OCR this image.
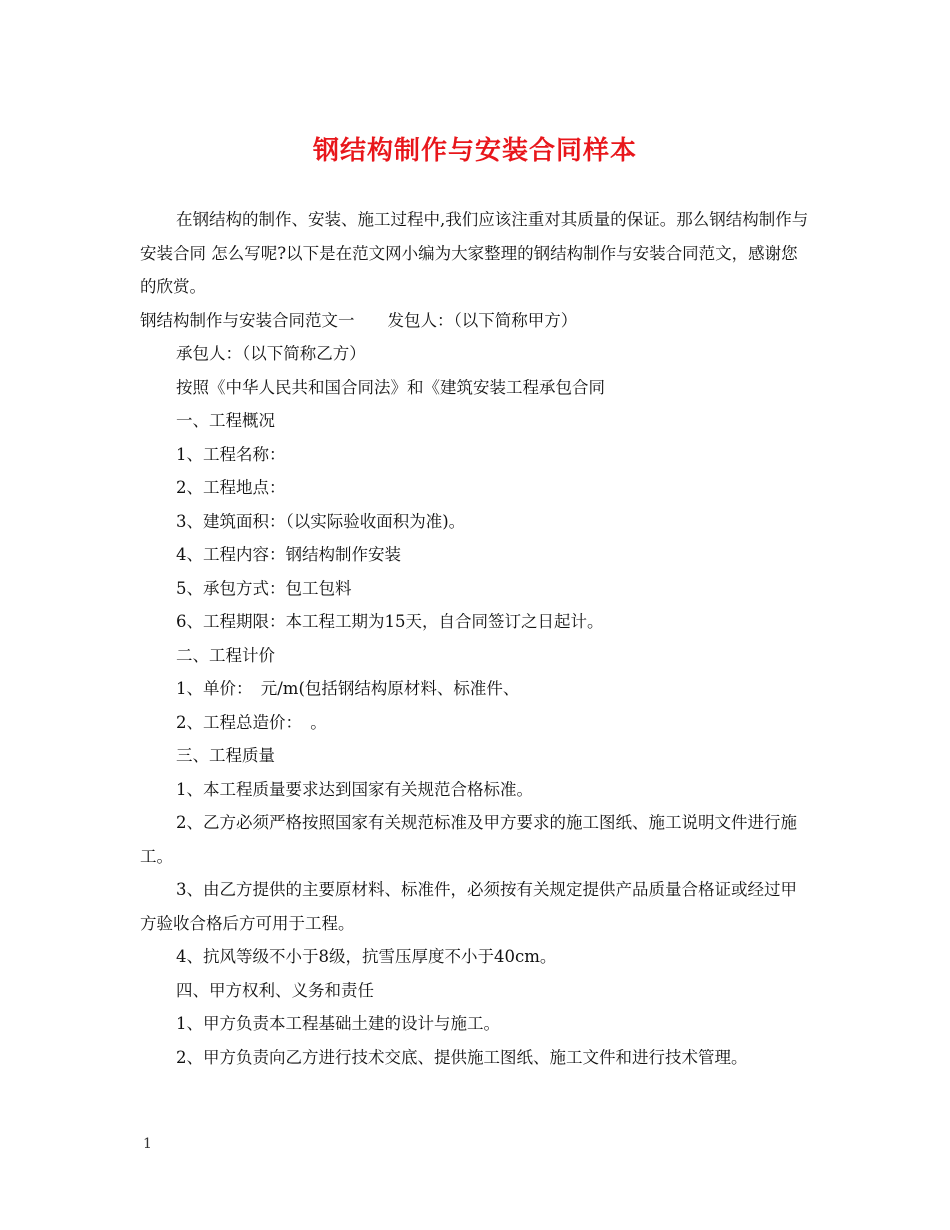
钢结构制作与安装合同样本

在钢结构的制作、安装、施工过程中,我们应该注重对其质量的保证。那么钢结构制作与安装合同 怎么写呢?以下是在范文网小编为大家整理的钢结构制作与安装合同范文，感谢您的欣赏。

钢结构制作与安装合同范文一　　发包人：（以下简称甲方）

承包人：（以下简称乙方）

按照《中华人民共和国合同法》和《建筑安装工程承包合同

一、工程概况

1、工程名称：

2、工程地点：

3、建筑面积：（以实际验收面积为准)。

4、工程内容：钢结构制作安装

5、承包方式：包工包料

6、工程期限：本工程工期为15天，自合同签订之日起计。

二、工程计价

1、单价：　元/m(包括钢结构原材料、标准件、

2、工程总造价：　。

三、工程质量

1、本工程质量要求达到国家有关规范合格标准。

2、乙方必须严格按照国家有关规范标准及甲方要求的施工图纸、施工说明文件进行施工。

3、由乙方提供的主要原材料、标准件，必须按有关规定提供产品质量合格证或经过甲方验收合格后方可用于工程。

4、抗风等级不小于8级，抗雪压厚度不小于40cm。

四、甲方权利、义务和责任

1、甲方负责本工程基础土建的设计与施工。

2、甲方负责向乙方进行技术交底、提供施工图纸、施工文件和进行技术管理。

1
